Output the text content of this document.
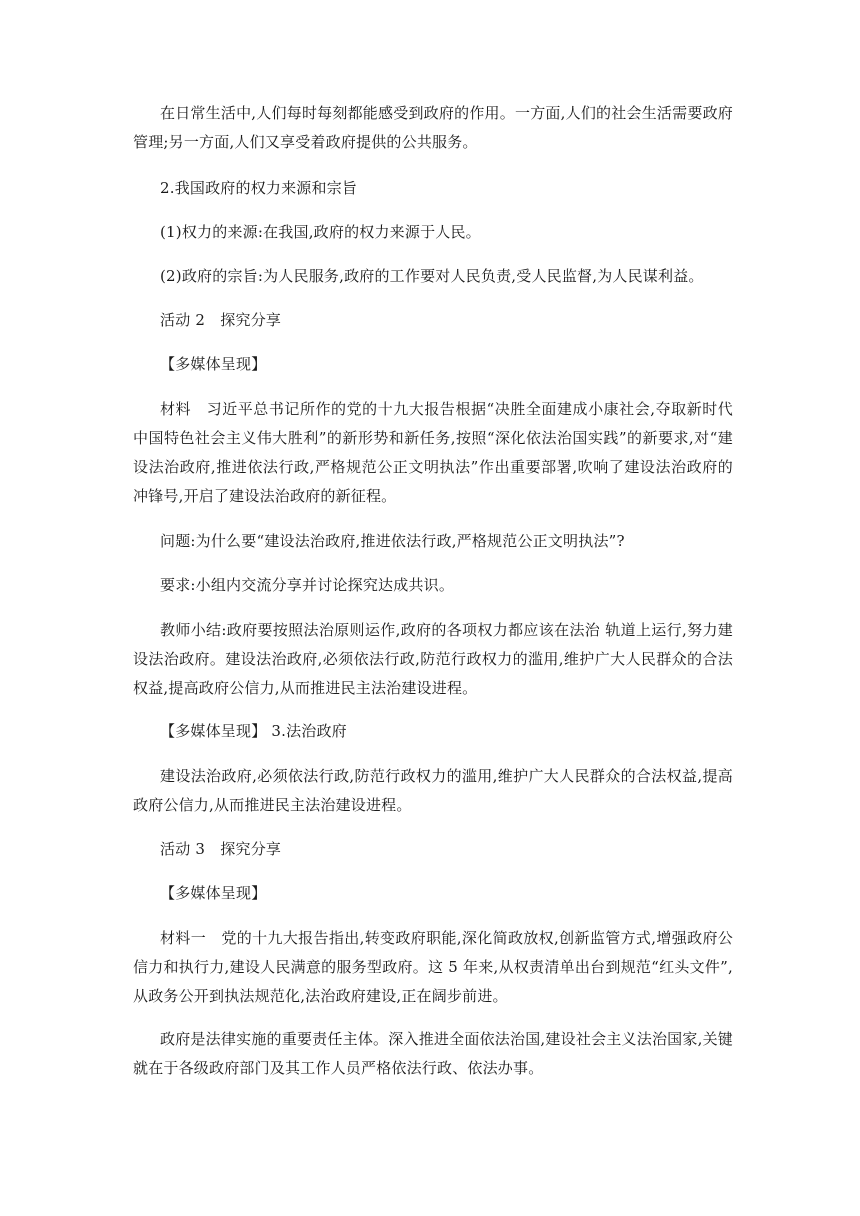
在日常生活中,人们每时每刻都能感受到政府的作用。一方面,人们的社会生活需要政府管理;另一方面,人们又享受着政府提供的公共服务。

2.我国政府的权力来源和宗旨

(1)权力的来源:在我国,政府的权力来源于人民。

(2)政府的宗旨:为人民服务,政府的工作要对人民负责,受人民监督,为人民谋利益。

活动 2　探究分享

【多媒体呈现】

材料　习近平总书记所作的党的十九大报告根据“决胜全面建成小康社会,夺取新时代中国特色社会主义伟大胜利”的新形势和新任务,按照“深化依法治国实践”的新要求,对“建设法治政府,推进依法行政,严格规范公正文明执法”作出重要部署,吹响了建设法治政府的冲锋号,开启了建设法治政府的新征程。

问题:为什么要“建设法治政府,推进依法行政,严格规范公正文明执法”?

要求:小组内交流分享并讨论探究达成共识。

教师小结:政府要按照法治原则运作,政府的各项权力都应该在法治 轨道上运行,努力建设法治政府。建设法治政府,必须依法行政,防范行政权力的滥用,维护广大人民群众的合法权益,提高政府公信力,从而推进民主法治建设进程。

【多媒体呈现】 3.法治政府

建设法治政府,必须依法行政,防范行政权力的滥用,维护广大人民群众的合法权益,提高政府公信力,从而推进民主法治建设进程。

活动 3　探究分享

【多媒体呈现】

材料一　党的十九大报告指出,转变政府职能,深化简政放权,创新监管方式,增强政府公信力和执行力,建设人民满意的服务型政府。这 5 年来,从权责清单出台到规范“红头文件”,从政务公开到执法规范化,法治政府建设,正在阔步前进。

政府是法律实施的重要责任主体。深入推进全面依法治国,建设社会主义法治国家,关键就在于各级政府部门及其工作人员严格依法行政、依法办事。
